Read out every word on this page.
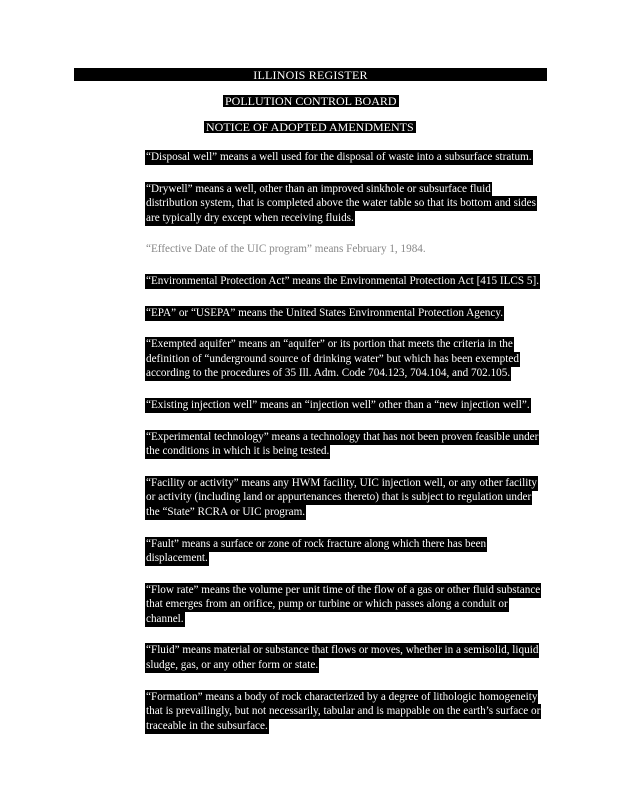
ILLINOIS REGISTER
POLLUTION CONTROL BOARD
NOTICE OF ADOPTED AMENDMENTS
“Disposal well” means a well used for the disposal of waste into a subsurface stratum.
“Drywell” means a well, other than an improved sinkhole or subsurface fluid distribution system, that is completed above the water table so that its bottom and sides are typically dry except when receiving fluids.
“Effective Date of the UIC program” means February 1, 1984.
“Environmental Protection Act” means the Environmental Protection Act [415 ILCS 5].
“EPA” or “USEPA” means the United States Environmental Protection Agency.
“Exempted aquifer” means an “aquifer” or its portion that meets the criteria in the definition of “underground source of drinking water” but which has been exempted according to the procedures of 35 Ill. Adm. Code 704.123, 704.104, and 702.105.
“Existing injection well” means an “injection well” other than a “new injection well”.
“Experimental technology” means a technology that has not been proven feasible under the conditions in which it is being tested.
“Facility or activity” means any HWM facility, UIC injection well, or any other facility or activity (including land or appurtenances thereto) that is subject to regulation under the “State” RCRA or UIC program.
“Fault” means a surface or zone of rock fracture along which there has been displacement.
“Flow rate” means the volume per unit time of the flow of a gas or other fluid substance that emerges from an orifice, pump or turbine or which passes along a conduit or channel.
“Fluid” means material or substance that flows or moves, whether in a semisolid, liquid sludge, gas, or any other form or state.
“Formation” means a body of rock characterized by a degree of lithologic homogeneity that is prevailingly, but not necessarily, tabular and is mappable on the earth’s surface or traceable in the subsurface.
